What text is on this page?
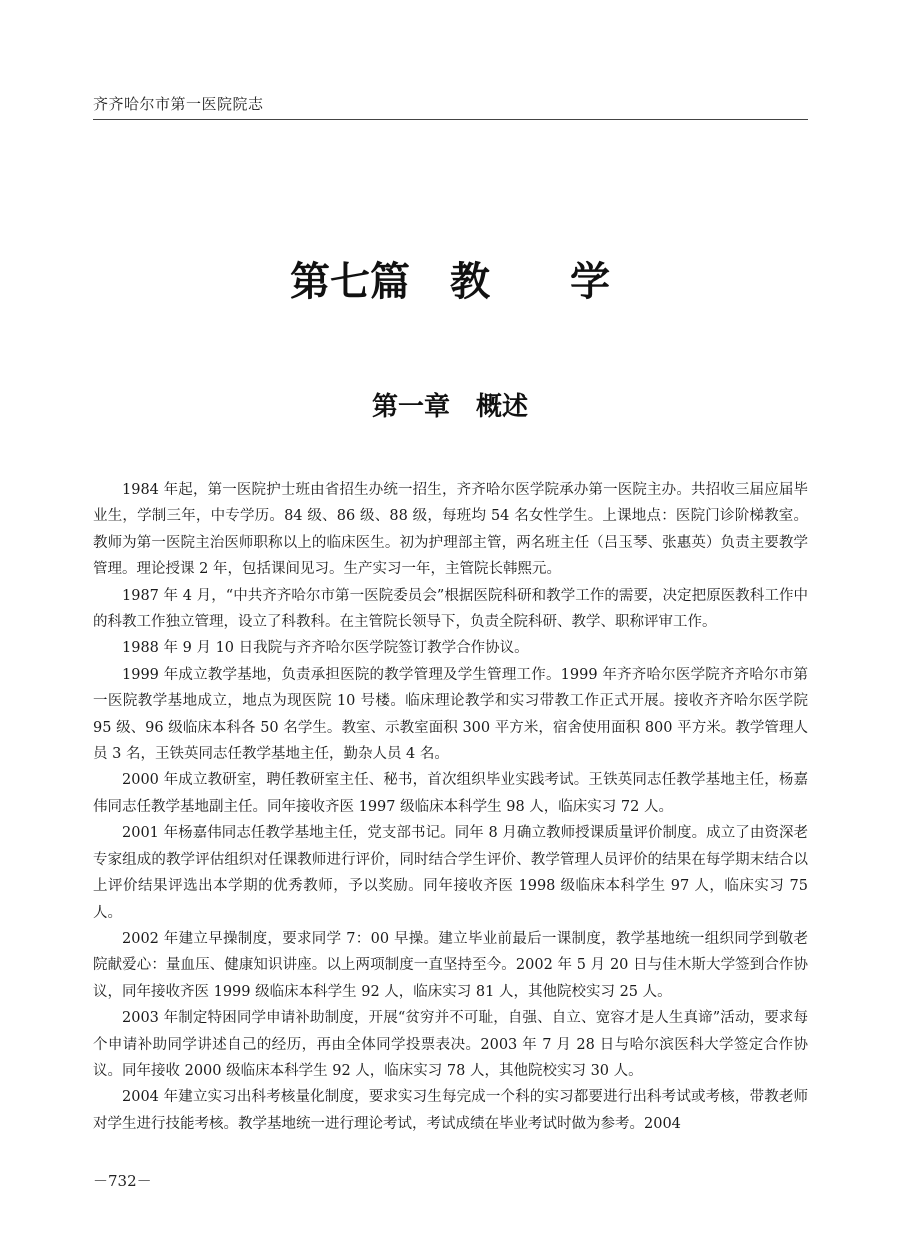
齐齐哈尔市第一医院院志
第七篇　教　　学
第一章　概述

1984 年起，第一医院护士班由省招生办统一招生，齐齐哈尔医学院承办第一医院主办。共招收三届应届毕业生，学制三年，中专学历。84 级、86 级、88 级，每班均 54 名女性学生。上课地点：医院门诊阶梯教室。教师为第一医院主治医师职称以上的临床医生。初为护理部主管，两名班主任（吕玉琴、张惠英）负责主要教学管理。理论授课 2 年，包括课间见习。生产实习一年，主管院长韩熙元。

1987 年 4 月，“中共齐齐哈尔市第一医院委员会”根据医院科研和教学工作的需要，决定把原医教科工作中的科教工作独立管理，设立了科教科。在主管院长领导下，负责全院科研、教学、职称评审工作。

1988 年 9 月 10 日我院与齐齐哈尔医学院签订教学合作协议。

1999 年成立教学基地，负责承担医院的教学管理及学生管理工作。1999 年齐齐哈尔医学院齐齐哈尔市第一医院教学基地成立，地点为现医院 10 号楼。临床理论教学和实习带教工作正式开展。接收齐齐哈尔医学院 95 级、96 级临床本科各 50 名学生。教室、示教室面积 300 平方米，宿舍使用面积 800 平方米。教学管理人员 3 名，王铁英同志任教学基地主任，勤杂人员 4 名。

2000 年成立教研室，聘任教研室主任、秘书，首次组织毕业实践考试。王铁英同志任教学基地主任，杨嘉伟同志任教学基地副主任。同年接收齐医 1997 级临床本科学生 98 人，临床实习 72 人。

2001 年杨嘉伟同志任教学基地主任，党支部书记。同年 8 月确立教师授课质量评价制度。成立了由资深老专家组成的教学评估组织对任课教师进行评价，同时结合学生评价、教学管理人员评价的结果在每学期末结合以上评价结果评选出本学期的优秀教师，予以奖励。同年接收齐医 1998 级临床本科学生 97 人，临床实习 75 人。

2002 年建立早操制度，要求同学 7：00 早操。建立毕业前最后一课制度，教学基地统一组织同学到敬老院献爱心：量血压、健康知识讲座。以上两项制度一直坚持至今。2002 年 5 月 20 日与佳木斯大学签到合作协议，同年接收齐医 1999 级临床本科学生 92 人，临床实习 81 人，其他院校实习 25 人。

2003 年制定特困同学申请补助制度，开展“贫穷并不可耻，自强、自立、宽容才是人生真谛”活动，要求每个申请补助同学讲述自己的经历，再由全体同学投票表决。2003 年 7 月 28 日与哈尔滨医科大学签定合作协议。同年接收 2000 级临床本科学生 92 人，临床实习 78 人，其他院校实习 30 人。

2004 年建立实习出科考核量化制度，要求实习生每完成一个科的实习都要进行出科考试或考核，带教老师对学生进行技能考核。教学基地统一进行理论考试，考试成绩在毕业考试时做为参考。2004

－732－
